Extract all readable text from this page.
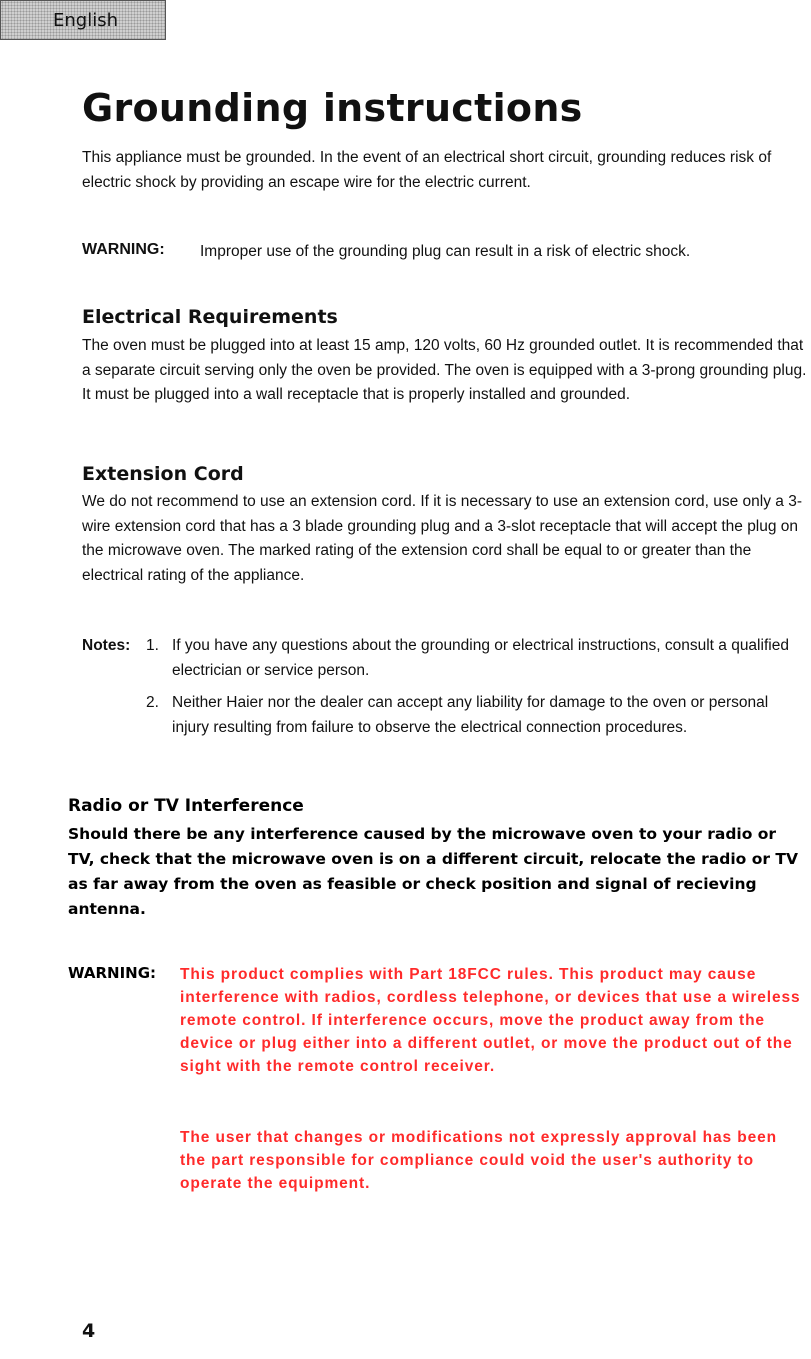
English
Grounding instructions
This appliance must be grounded. In the event of an electrical short circuit, grounding reduces risk of electric shock by providing an escape wire for the electric current.
WARNING: Improper use of the grounding plug can result in a risk of electric shock.
Electrical Requirements
The oven must be plugged into at least 15 amp, 120 volts, 60 Hz grounded outlet. It is recommended that a separate circuit serving only the oven be provided. The oven is equipped with a 3-prong grounding plug. It must be plugged into a wall receptacle that is properly installed and grounded.
Extension Cord
We do not recommend to use an extension cord. If it is necessary to use an extension cord, use only a 3-wire extension cord that has a 3 blade grounding plug and a 3-slot receptacle that will accept the plug on the microwave oven. The marked rating of the extension cord shall be equal to or greater than the electrical rating of the appliance.
Notes: 1. If you have any questions about the grounding or electrical instructions, consult a qualified electrician or service person.
2. Neither Haier nor the dealer can accept any liability for damage to the oven or personal injury resulting from failure to observe the electrical connection procedures.
Radio or TV Interference
Should there be any interference caused by the microwave oven to your radio or TV, check that the microwave oven is on a different circuit, relocate the radio or TV as far away from the oven as feasible or check position and signal of recieving antenna.
WARNING: This product complies with Part 18FCC rules. This product may cause interference with radios, cordless telephone, or devices that use a wireless remote control. If interference occurs, move the product away from the device or plug either into a different outlet, or move the product out of the sight with the remote control receiver.
The user that changes or modifications not expressly approval has been the part responsible for compliance could void the user's authority to operate the equipment.
4
